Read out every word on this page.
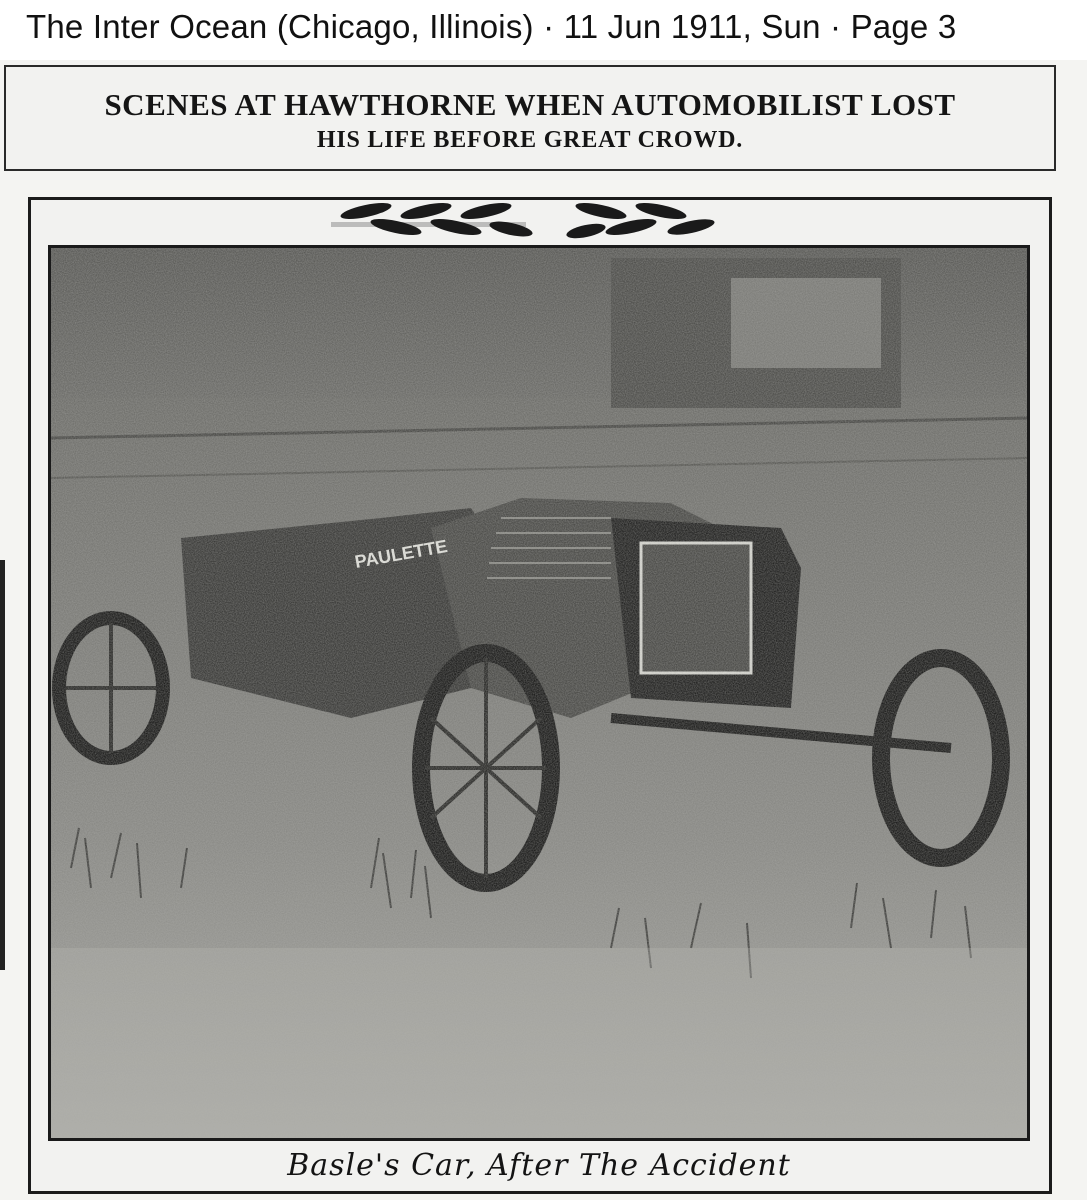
The Inter Ocean (Chicago, Illinois) · 11 Jun 1911, Sun · Page 3
SCENES AT HAWTHORNE WHEN AUTOMOBILIST LOST
HIS LIFE BEFORE GREAT CROWD.
Basle's Car, After The Accident
